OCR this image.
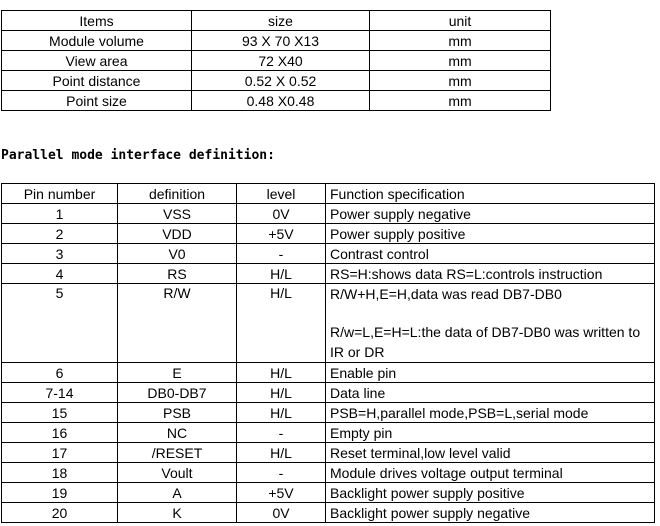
Items	size	unit
Module volume	93 X 70 X13	mm
View area	72 X40	mm
Point distance	0.52 X 0.52	mm
Point size	0.48 X0.48	mm
Parallel mode interface definition:
Pin number	definition	level	Function specification
1	VSS	0V	Power supply negative
2	VDD	+5V	Power supply positive
3	V0	-	Contrast control
4	RS	H/L	RS=H:shows data RS=L:controls instruction
5	R/W	H/L	R/W+H,E=H,data was read DB7-DB0
R/w=L,E=H=L:the data of DB7-DB0 was written to IR or DR
6	E	H/L	Enable pin
7-14	DB0-DB7	H/L	Data line
15	PSB	H/L	PSB=H,parallel mode,PSB=L,serial mode
16	NC	-	Empty pin
17	/RESET	H/L	Reset terminal,low level valid
18	Voult	-	Module drives voltage output terminal
19	A	+5V	Backlight power supply positive
20	K	0V	Backlight power supply negative
